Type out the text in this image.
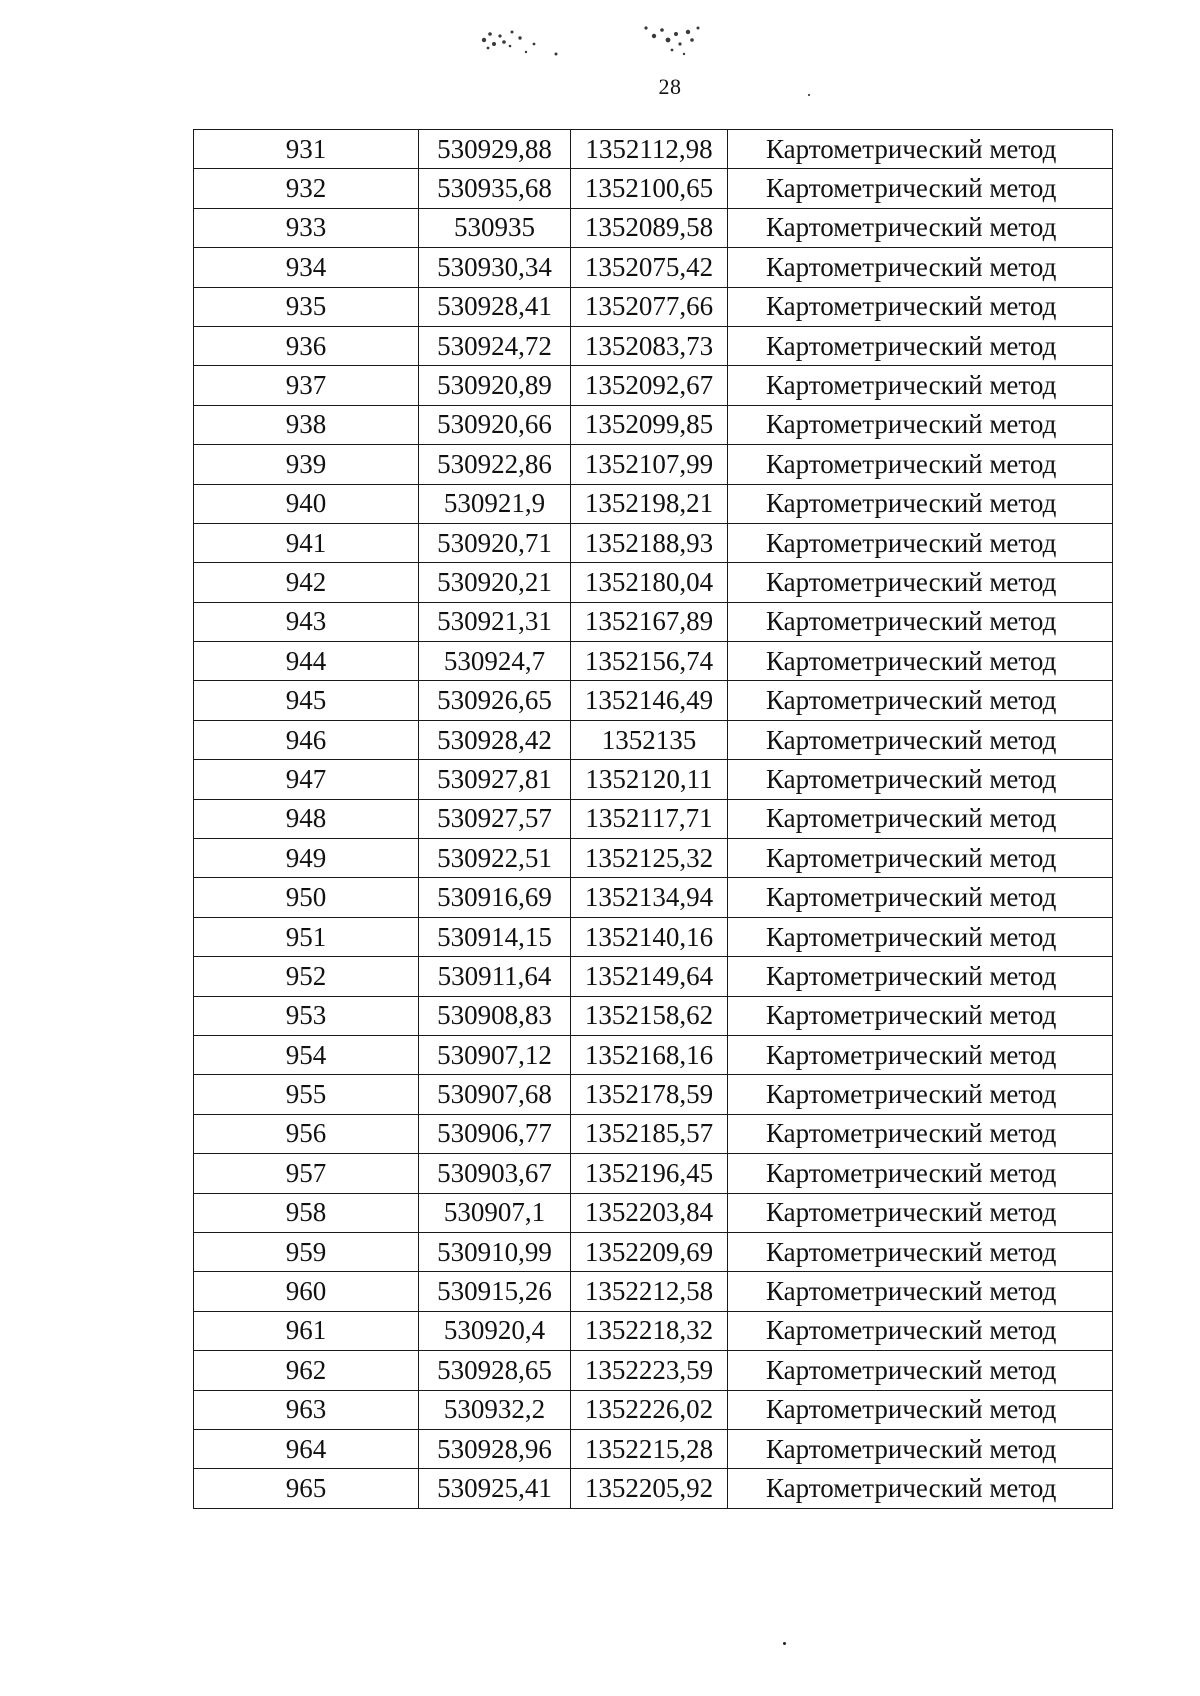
28
931	530929,88	1352112,98	Картометрический метод
932	530935,68	1352100,65	Картометрический метод
933	530935	1352089,58	Картометрический метод
934	530930,34	1352075,42	Картометрический метод
935	530928,41	1352077,66	Картометрический метод
936	530924,72	1352083,73	Картометрический метод
937	530920,89	1352092,67	Картометрический метод
938	530920,66	1352099,85	Картометрический метод
939	530922,86	1352107,99	Картометрический метод
940	530921,9	1352198,21	Картометрический метод
941	530920,71	1352188,93	Картометрический метод
942	530920,21	1352180,04	Картометрический метод
943	530921,31	1352167,89	Картометрический метод
944	530924,7	1352156,74	Картометрический метод
945	530926,65	1352146,49	Картометрический метод
946	530928,42	1352135	Картометрический метод
947	530927,81	1352120,11	Картометрический метод
948	530927,57	1352117,71	Картометрический метод
949	530922,51	1352125,32	Картометрический метод
950	530916,69	1352134,94	Картометрический метод
951	530914,15	1352140,16	Картометрический метод
952	530911,64	1352149,64	Картометрический метод
953	530908,83	1352158,62	Картометрический метод
954	530907,12	1352168,16	Картометрический метод
955	530907,68	1352178,59	Картометрический метод
956	530906,77	1352185,57	Картометрический метод
957	530903,67	1352196,45	Картометрический метод
958	530907,1	1352203,84	Картометрический метод
959	530910,99	1352209,69	Картометрический метод
960	530915,26	1352212,58	Картометрический метод
961	530920,4	1352218,32	Картометрический метод
962	530928,65	1352223,59	Картометрический метод
963	530932,2	1352226,02	Картометрический метод
964	530928,96	1352215,28	Картометрический метод
965	530925,41	1352205,92	Картометрический метод
